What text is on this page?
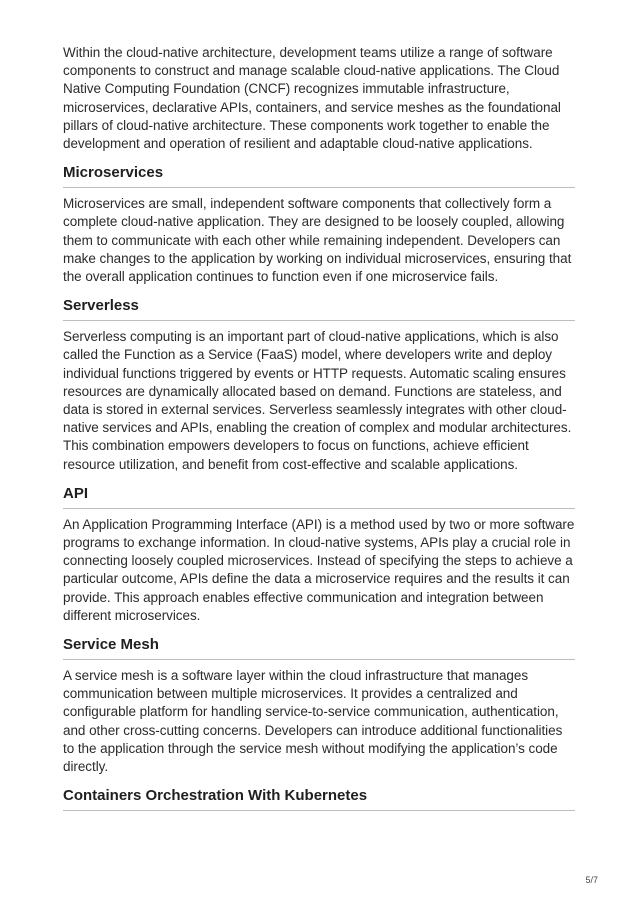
Within the cloud-native architecture, development teams utilize a range of software components to construct and manage scalable cloud-native applications. The Cloud Native Computing Foundation (CNCF) recognizes immutable infrastructure, microservices, declarative APIs, containers, and service meshes as the foundational pillars of cloud-native architecture. These components work together to enable the development and operation of resilient and adaptable cloud-native applications.

Microservices

Microservices are small, independent software components that collectively form a complete cloud-native application. They are designed to be loosely coupled, allowing them to communicate with each other while remaining independent. Developers can make changes to the application by working on individual microservices, ensuring that the overall application continues to function even if one microservice fails.

Serverless

Serverless computing is an important part of cloud-native applications, which is also called the Function as a Service (FaaS) model, where developers write and deploy individual functions triggered by events or HTTP requests. Automatic scaling ensures resources are dynamically allocated based on demand. Functions are stateless, and data is stored in external services. Serverless seamlessly integrates with other cloud-native services and APIs, enabling the creation of complex and modular architectures. This combination empowers developers to focus on functions, achieve efficient resource utilization, and benefit from cost-effective and scalable applications.

API

An Application Programming Interface (API) is a method used by two or more software programs to exchange information. In cloud-native systems, APIs play a crucial role in connecting loosely coupled microservices. Instead of specifying the steps to achieve a particular outcome, APIs define the data a microservice requires and the results it can provide. This approach enables effective communication and integration between different microservices.

Service Mesh

A service mesh is a software layer within the cloud infrastructure that manages communication between multiple microservices. It provides a centralized and configurable platform for handling service-to-service communication, authentication, and other cross-cutting concerns. Developers can introduce additional functionalities to the application through the service mesh without modifying the application’s code directly.

Containers Orchestration With Kubernetes
5/7
